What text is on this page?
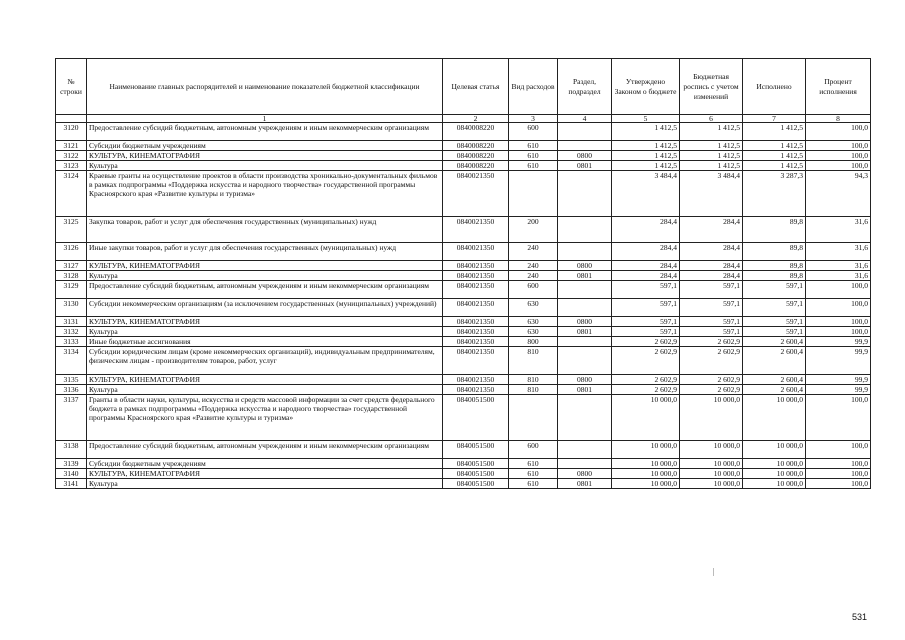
№ строки	Наименование главных распорядителей и наименование показателей бюджетной классификации	Целевая статья	Вид расходов	Раздел, подраздел	Утверждено Законом о бюджете	Бюджетная роспись с учетом изменений	Исполнено	Процент исполнения
	1	2	3	4	5	6	7	8
3120	Предоставление субсидий бюджетным, автономным учреждениям и иным некоммерческим организациям	0840008220	600		1 412,5	1 412,5	1 412,5	100,0
3121	Субсидии бюджетным учреждениям	0840008220	610		1 412,5	1 412,5	1 412,5	100,0
3122	КУЛЬТУРА, КИНЕМАТОГРАФИЯ	0840008220	610	0800	1 412,5	1 412,5	1 412,5	100,0
3123	Культура	0840008220	610	0801	1 412,5	1 412,5	1 412,5	100,0
3124	Краевые гранты на осуществление проектов в области производства хроникально-документальных фильмов в рамках подпрограммы «Поддержка искусства и народного творчества» государственной программы Красноярского края «Развитие культуры и туризма»	0840021350			3 484,4	3 484,4	3 287,3	94,3
3125	Закупка товаров, работ и услуг для обеспечения государственных (муниципальных) нужд	0840021350	200		284,4	284,4	89,8	31,6
3126	Иные закупки товаров, работ и услуг для обеспечения государственных (муниципальных) нужд	0840021350	240		284,4	284,4	89,8	31,6
3127	КУЛЬТУРА, КИНЕМАТОГРАФИЯ	0840021350	240	0800	284,4	284,4	89,8	31,6
3128	Культура	0840021350	240	0801	284,4	284,4	89,8	31,6
3129	Предоставление субсидий бюджетным, автономным учреждениям и иным некоммерческим организациям	0840021350	600		597,1	597,1	597,1	100,0
3130	Субсидии некоммерческим организациям (за исключением государственных (муниципальных) учреждений)	0840021350	630		597,1	597,1	597,1	100,0
3131	КУЛЬТУРА, КИНЕМАТОГРАФИЯ	0840021350	630	0800	597,1	597,1	597,1	100,0
3132	Культура	0840021350	630	0801	597,1	597,1	597,1	100,0
3133	Иные бюджетные ассигнования	0840021350	800		2 602,9	2 602,9	2 600,4	99,9
3134	Субсидии юридическим лицам (кроме некоммерческих организаций), индивидуальным предпринимателям, физическим лицам - производителям товаров, работ, услуг	0840021350	810		2 602,9	2 602,9	2 600,4	99,9
3135	КУЛЬТУРА, КИНЕМАТОГРАФИЯ	0840021350	810	0800	2 602,9	2 602,9	2 600,4	99,9
3136	Культура	0840021350	810	0801	2 602,9	2 602,9	2 600,4	99,9
3137	Гранты в области науки, культуры, искусства и средств массовой информации за счет средств федерального бюджета в рамках подпрограммы «Поддержка искусства и народного творчества» государственной программы Красноярского края «Развитие культуры и туризма»	0840051500			10 000,0	10 000,0	10 000,0	100,0
3138	Предоставление субсидий бюджетным, автономным учреждениям и иным некоммерческим организациям	0840051500	600		10 000,0	10 000,0	10 000,0	100,0
3139	Субсидии бюджетным учреждениям	0840051500	610		10 000,0	10 000,0	10 000,0	100,0
3140	КУЛЬТУРА, КИНЕМАТОГРАФИЯ	0840051500	610	0800	10 000,0	10 000,0	10 000,0	100,0
3141	Культура	0840051500	610	0801	10 000,0	10 000,0	10 000,0	100,0
531
